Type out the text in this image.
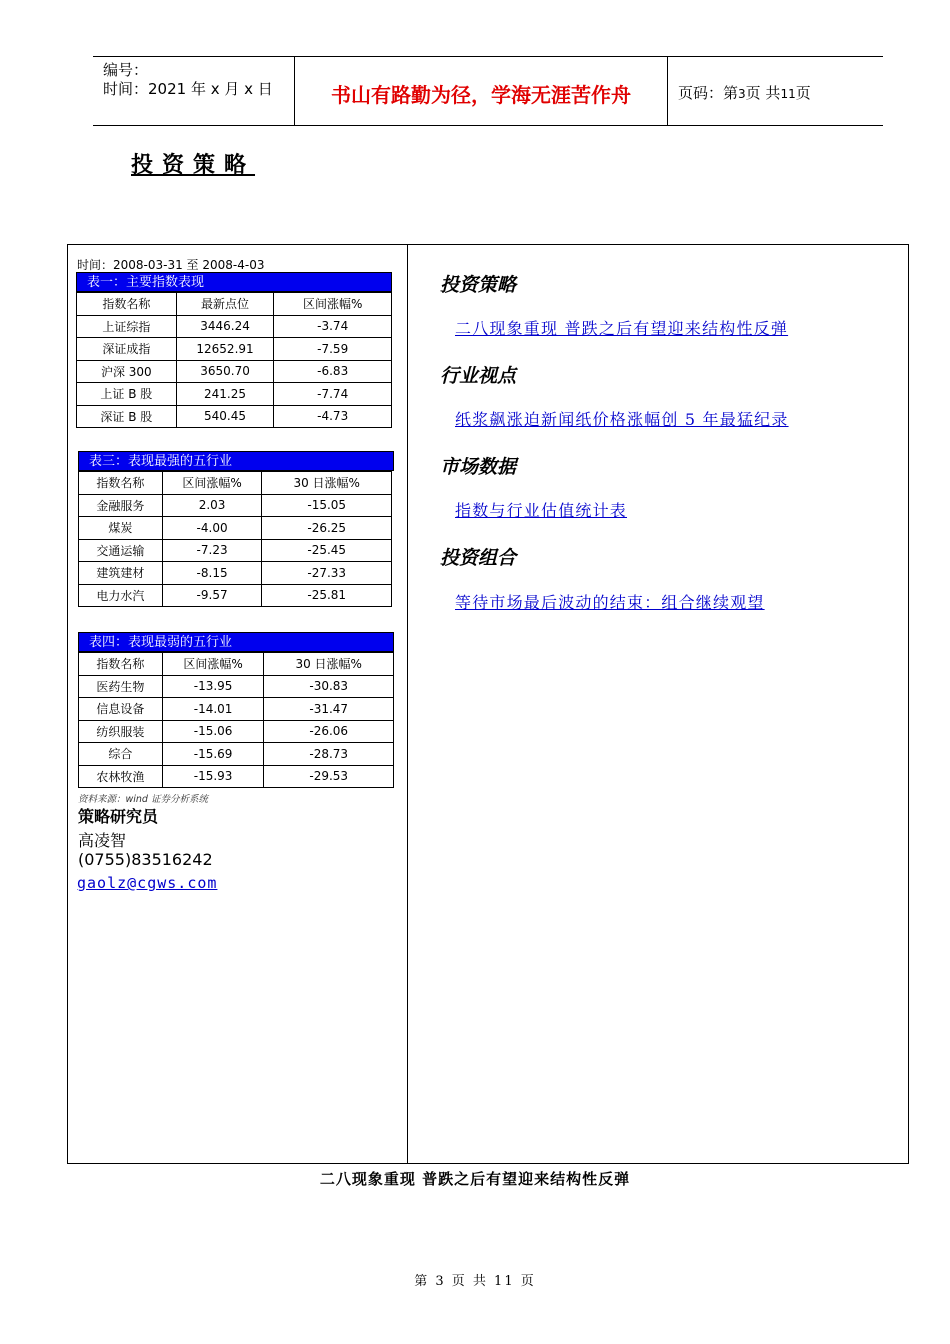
编号：
时间：2021 年 x 月 x 日	书山有路勤为径，学海无涯苦作舟	页码：第3页 共11页
投资策略
时间：2008-03-31 至 2008-4-03
表一：主要指数表现
指数名称	最新点位	区间涨幅%
上证综指	3446.24	-3.74
深证成指	12652.91	-7.59
沪深 300	3650.70	-6.83
上证 B 股	241.25	-7.74
深证 B 股	540.45	-4.73
表三：表现最强的五行业
指数名称	区间涨幅%	30 日涨幅%
金融服务	2.03	-15.05
煤炭	-4.00	-26.25
交通运输	-7.23	-25.45
建筑建材	-8.15	-27.33
电力水汽	-9.57	-25.81
表四：表现最弱的五行业
指数名称	区间涨幅%	30 日涨幅%
医药生物	-13.95	-30.83
信息设备	-14.01	-31.47
纺织服装	-15.06	-26.06
综合	-15.69	-28.73
农林牧渔	-15.93	-29.53
资料来源：wind 证券分析系统
策略研究员
高凌智
(0755)83516242
gaolz@cgws.com
投资策略
二八现象重现 普跌之后有望迎来结构性反弹
行业视点
纸浆飙涨迫新闻纸价格涨幅创 5 年最猛纪录
市场数据
指数与行业估值统计表
投资组合
等待市场最后波动的结束：组合继续观望
二八现象重现 普跌之后有望迎来结构性反弹
第 3 页 共 11 页
